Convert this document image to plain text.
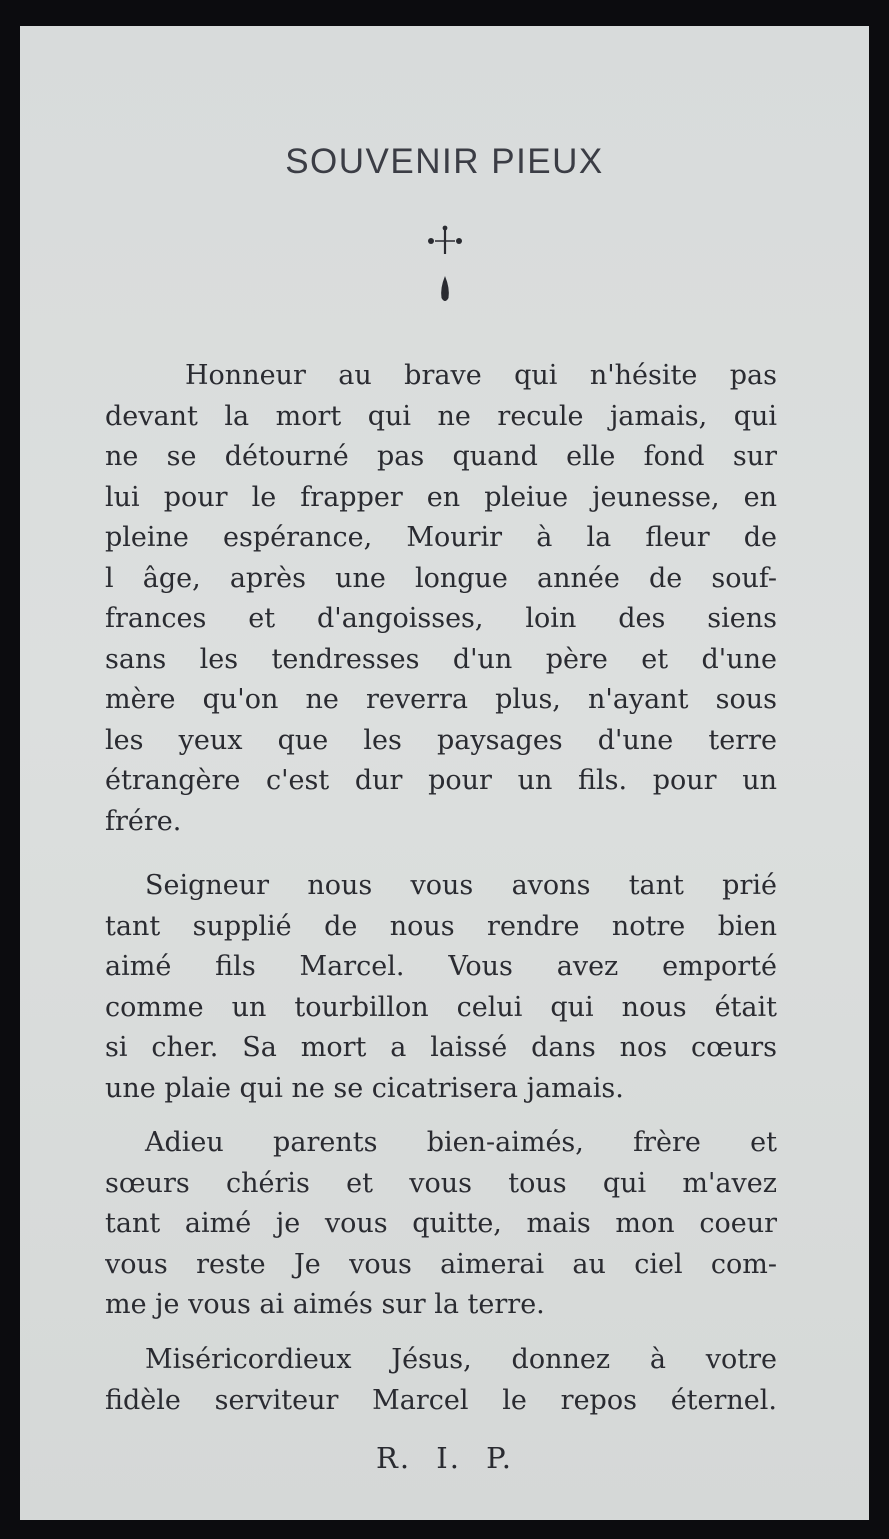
SOUVENIR PIEUX
Honneur au brave qui n'hésite pas
devant la mort qui ne recule jamais, qui
ne se détourné pas quand elle fond sur
lui pour le frapper en pleiue jeunesse, en
pleine espérance, Mourir à la fleur de
l âge, après une longue année de souf-
frances et d'angoisses, loin des siens
sans les tendresses d'un père et d'une
mère qu'on ne reverra plus, n'ayant sous
les yeux que les paysages d'une terre
étrangère c'est dur pour un fils. pour un
frére.
Seigneur nous vous avons tant prié
tant supplié de nous rendre notre bien
aimé fils Marcel. Vous avez emporté
comme un tourbillon celui qui nous était
si cher. Sa mort a laissé dans nos cœurs
une plaie qui ne se cicatrisera jamais.
Adieu parents bien-aimés, frère et
sœurs chéris et vous tous qui m'avez
tant aimé je vous quitte, mais mon coeur
vous reste Je vous aimerai au ciel com-
me je vous ai aimés sur la terre.
Miséricordieux Jésus, donnez à votre
fidèle serviteur Marcel le repos éternel.
R. I. P.
